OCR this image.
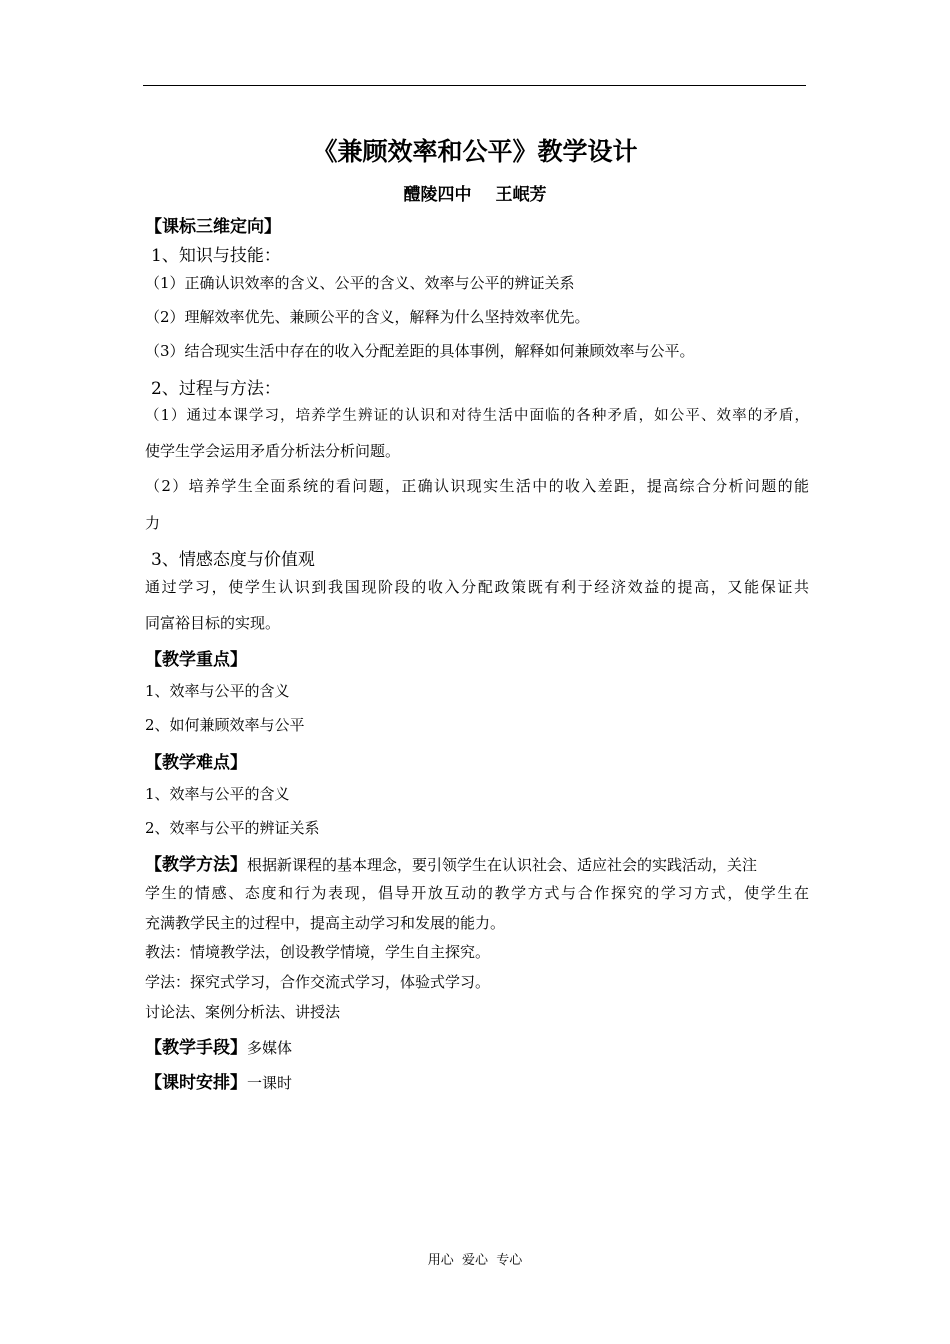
《兼顾效率和公平》教学设计
醴陵四中 王岷芳
【课标三维定向】
1、知识与技能：
（1）正确认识效率的含义、公平的含义、效率与公平的辨证关系
（2）理解效率优先、兼顾公平的含义，解释为什么坚持效率优先。
（3）结合现实生活中存在的收入分配差距的具体事例，解释如何兼顾效率与公平。
2、过程与方法：
（1）通过本课学习，培养学生辨证的认识和对待生活中面临的各种矛盾，如公平、效率的矛盾，
使学生学会运用矛盾分析法分析问题。
（2）培养学生全面系统的看问题，正确认识现实生活中的收入差距，提高综合分析问题的能
力
3、情感态度与价值观
通过学习，使学生认识到我国现阶段的收入分配政策既有利于经济效益的提高，又能保证共
同富裕目标的实现。
【教学重点】
1、效率与公平的含义
2、如何兼顾效率与公平
【教学难点】
1、效率与公平的含义
2、效率与公平的辨证关系
【教学方法】根据新课程的基本理念，要引领学生在认识社会、适应社会的实践活动，关注
学生的情感、态度和行为表现，倡导开放互动的教学方式与合作探究的学习方式，使学生在
充满教学民主的过程中，提高主动学习和发展的能力。
教法：情境教学法，创设教学情境，学生自主探究。
学法：探究式学习，合作交流式学习，体验式学习。
讨论法、案例分析法、讲授法
【教学手段】多媒体
【课时安排】一课时
用心  爱心  专心
